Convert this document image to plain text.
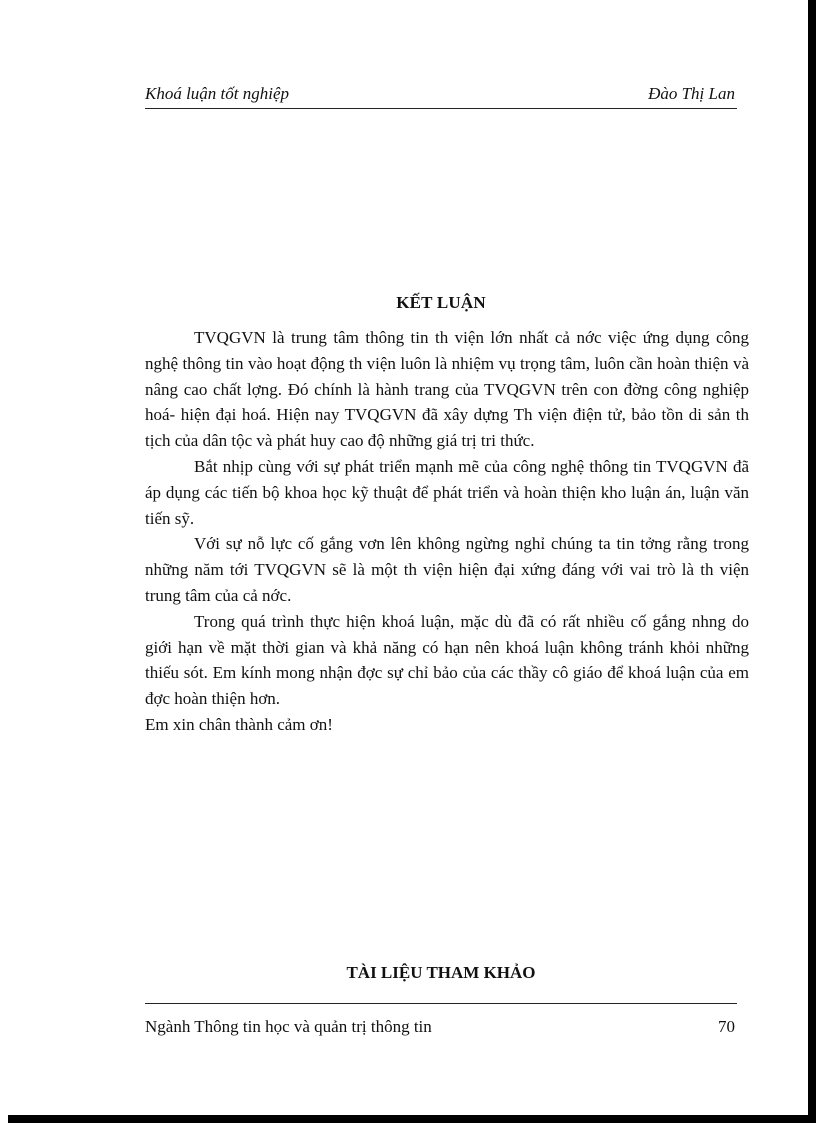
Khoá luận tốt nghiệp	Đào Thị Lan
KẾT LUẬN

TVQGVN là trung tâm thông tin th viện lớn nhất cả nớc việc ứng dụng công nghệ thông tin vào hoạt động th viện luôn là nhiệm vụ trọng tâm, luôn cần hoàn thiện và nâng cao chất lợng. Đó chính là hành trang của TVQGVN trên con đờng công nghiệp hoá- hiện đại hoá. Hiện nay TVQGVN đã xây dựng Th viện điện tử, bảo tồn di sản th tịch của dân tộc và phát huy cao độ những giá trị tri thức.

Bắt nhịp cùng với sự phát triển mạnh mẽ của công nghệ thông tin TVQGVN đã áp dụng các tiến bộ khoa học kỹ thuật để phát triển và hoàn thiện kho luận án, luận văn tiến sỹ.

Với sự nỗ lực cố gắng vơn lên không ngừng nghỉ chúng ta tin tởng rằng trong những năm tới TVQGVN sẽ là một th viện hiện đại xứng đáng với vai trò là th viện trung tâm của cả nớc.

Trong quá trình thực hiện khoá luận, mặc dù đã có rất nhiều cố gắng nhng do giới hạn về mặt thời gian và khả năng có hạn nên khoá luận không tránh khỏi những thiếu sót. Em kính mong nhận đợc sự chỉ bảo của các thầy cô giáo để khoá luận của em đợc hoàn thiện hơn.

Em xin chân thành cảm ơn!

TÀI LIỆU THAM KHẢO
Ngành Thông tin học và quản trị thông tin	70
